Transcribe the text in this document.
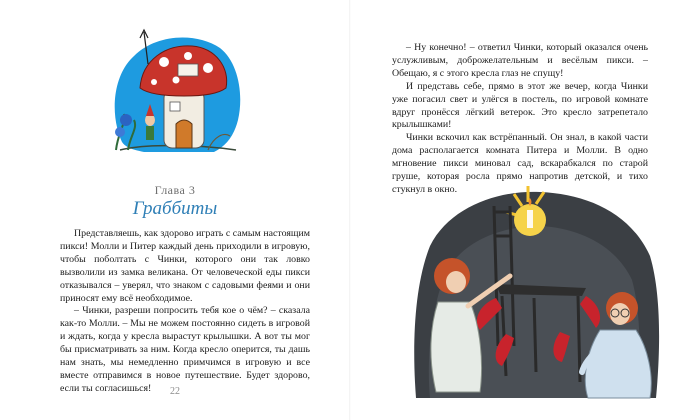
Глава 3
Граббиты

Представляешь, как здорово играть с самым настоящим пикси! Молли и Питер каждый день приходили в игровую, чтобы поболтать с Чинки, которого они так ловко вызволили из замка великана. От человеческой еды пикси отказывался – уверял, что знаком с садовыми феями и они приносят ему всё необходимое.

– Чинки, разреши попросить тебя кое о чём? – сказала как-то Молли. – Мы не можем постоянно сидеть в игровой и ждать, когда у кресла вырастут крылышки. А вот ты мог бы присматривать за ним. Когда кресло оперится, ты дашь нам знать, мы немедленно примчимся в игровую и все вместе отправимся в новое путешествие. Будет здорово, если ты согласишься!	22

– Ну конечно! – ответил Чинки, который оказался очень услужливым, доброжелательным и весёлым пикси. – Обещаю, я с этого кресла глаз не спущу!

И представь себе, прямо в этот же вечер, когда Чинки уже погасил свет и улёгся в постель, по игровой комнате вдруг пронёсся лёгкий ветерок. Это кресло затрепетало крылышками!

Чинки вскочил как встрёпанный. Он знал, в какой части дома располагается комната Питера и Молли. В одно мгновение пикси миновал сад, вскарабкался по старой груше, которая росла прямо напротив детской, и тихо стукнул в окно.
